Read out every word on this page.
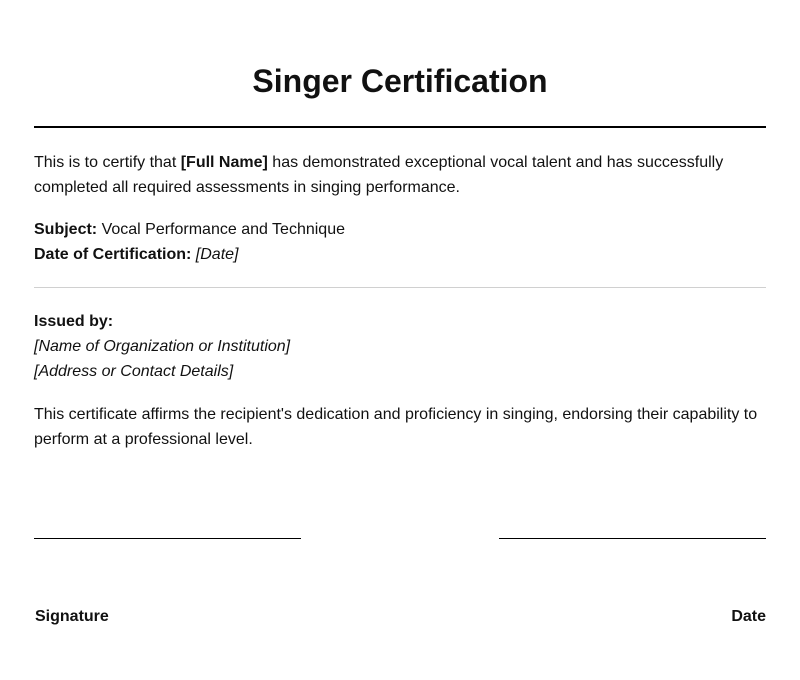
Singer Certification

This is to certify that [Full Name] has demonstrated exceptional vocal talent and has successfully completed all required assessments in singing performance.

Subject: Vocal Performance and Technique
Date of Certification: [Date]
Issued by:
[Name of Organization or Institution]
[Address or Contact Details]

This certificate affirms the recipient's dedication and proficiency in singing, endorsing their capability to perform at a professional level.

Signature	Date
